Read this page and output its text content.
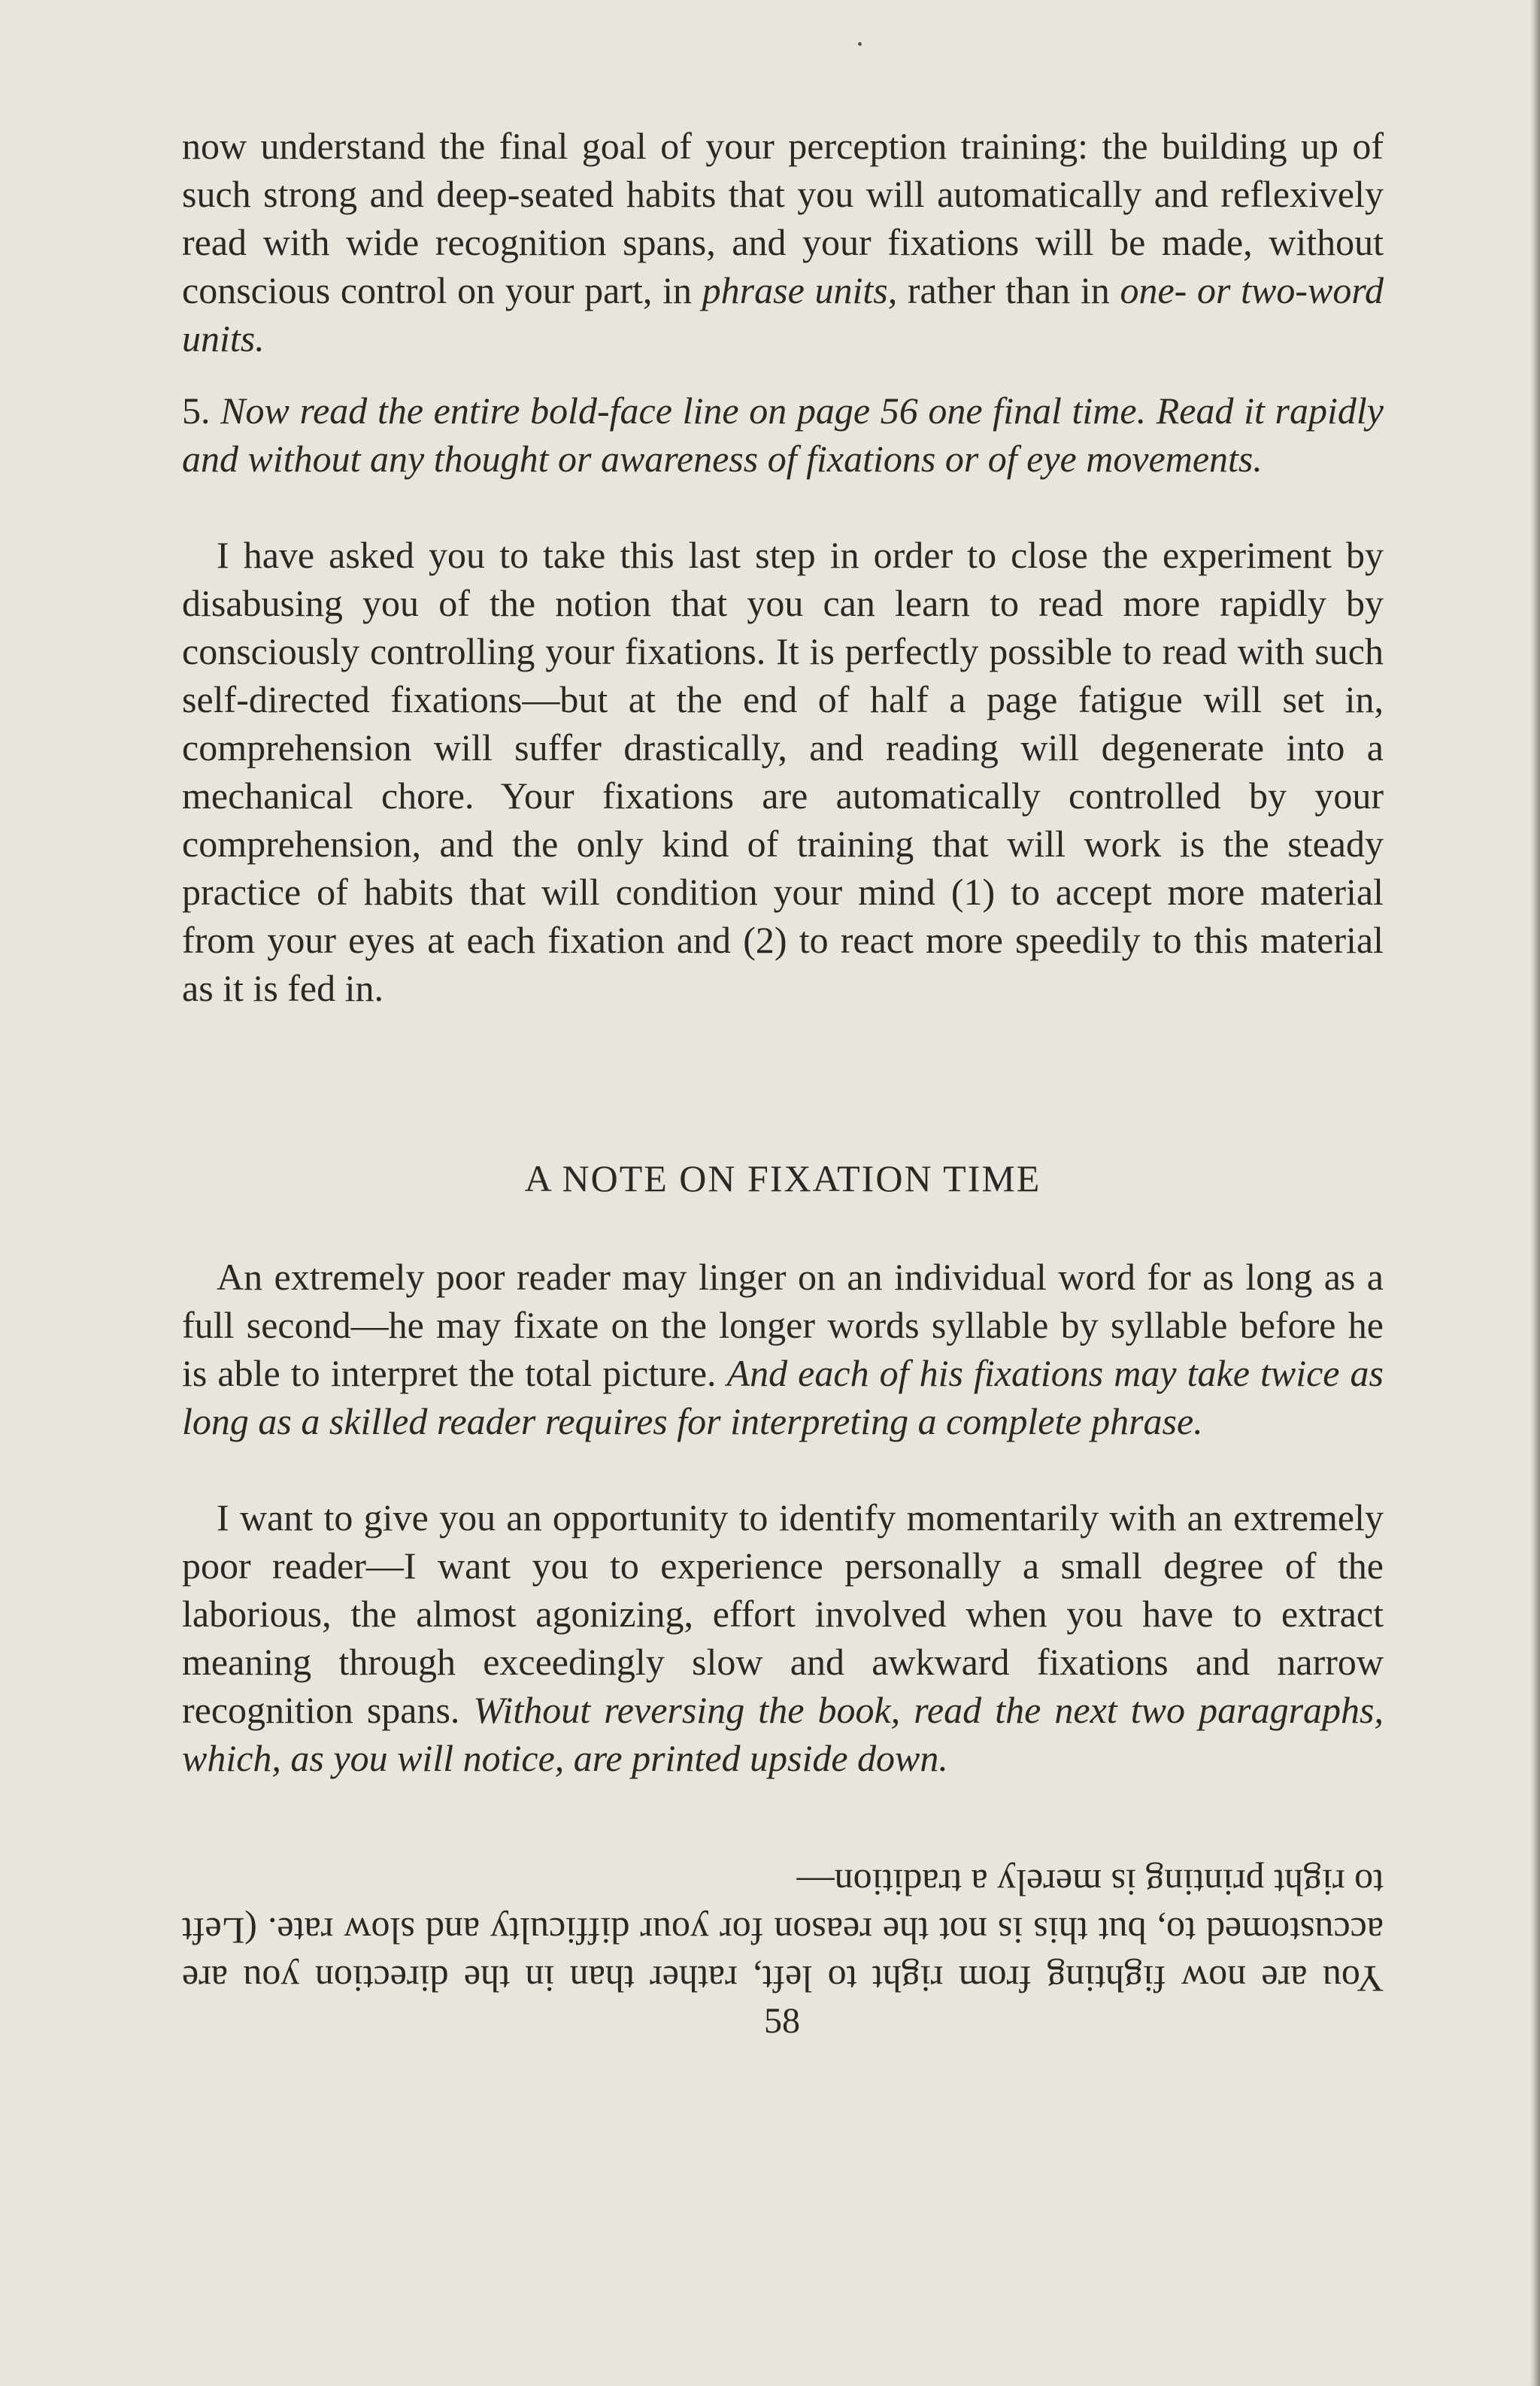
now understand the final goal of your perception training: the building up of such strong and deep-seated habits that you will automatically and reflexively read with wide recognition spans, and your fixations will be made, without conscious control on your part, in phrase units, rather than in one- or two-word units.

5. Now read the entire bold-face line on page 56 one final time. Read it rapidly and without any thought or awareness of fixations or of eye movements.

I have asked you to take this last step in order to close the experiment by disabusing you of the notion that you can learn to read more rapidly by consciously controlling your fixations. It is perfectly possible to read with such self-directed fixations—but at the end of half a page fatigue will set in, comprehension will suffer drastically, and reading will degenerate into a mechanical chore. Your fixations are automatically controlled by your comprehension, and the only kind of training that will work is the steady practice of habits that will condition your mind (1) to accept more material from your eyes at each fixation and (2) to react more speedily to this material as it is fed in.

A NOTE ON FIXATION TIME

An extremely poor reader may linger on an individual word for as long as a full second—he may fixate on the longer words syllable by syllable before he is able to interpret the total picture. And each of his fixations may take twice as long as a skilled reader requires for interpreting a complete phrase.

I want to give you an opportunity to identify momentarily with an extremely poor reader—I want you to experience personally a small degree of the laborious, the almost agonizing, effort involved when you have to extract meaning through exceedingly slow and awkward fixations and narrow recognition spans. Without reversing the book, read the next two paragraphs, which, as you will notice, are printed upside down.

You are now fighting from right to left, rather than in the direction you are accustomed to, but this is not the reason for your difficulty and slow rate. (Left to right printing is merely a tradition—

58
